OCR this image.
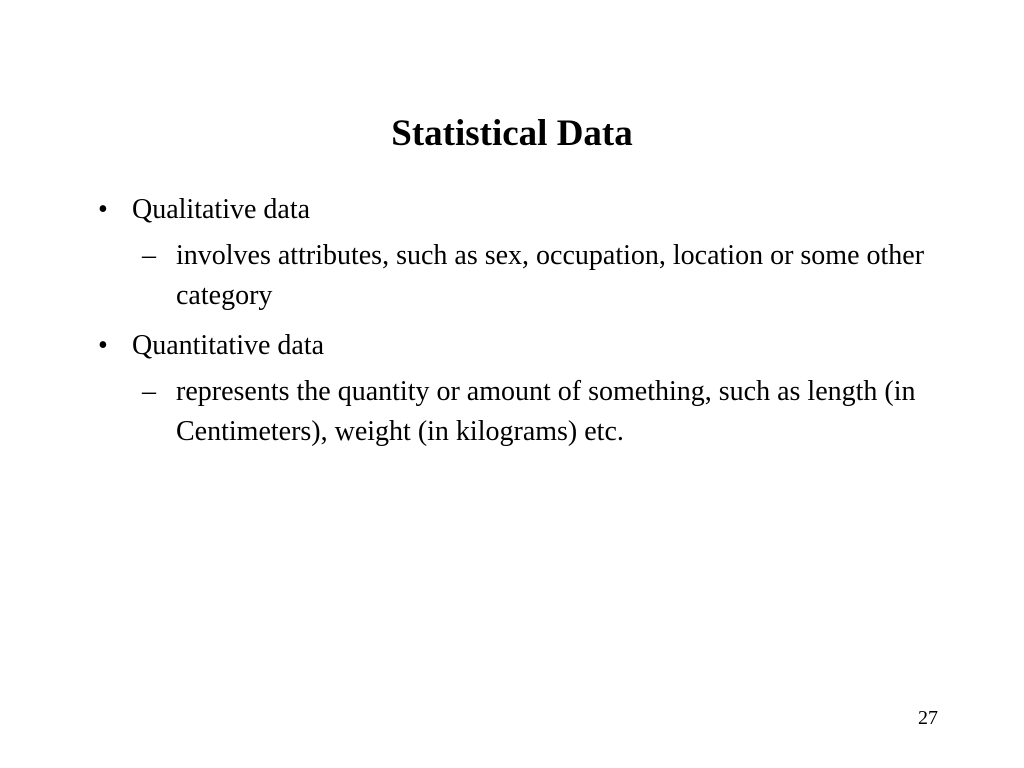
Statistical Data
• Qualitative data
– involves attributes, such as sex, occupation, location or some other category
• Quantitative data
– represents the quantity or amount of something, such as length (in Centimeters), weight (in kilograms) etc.
27
